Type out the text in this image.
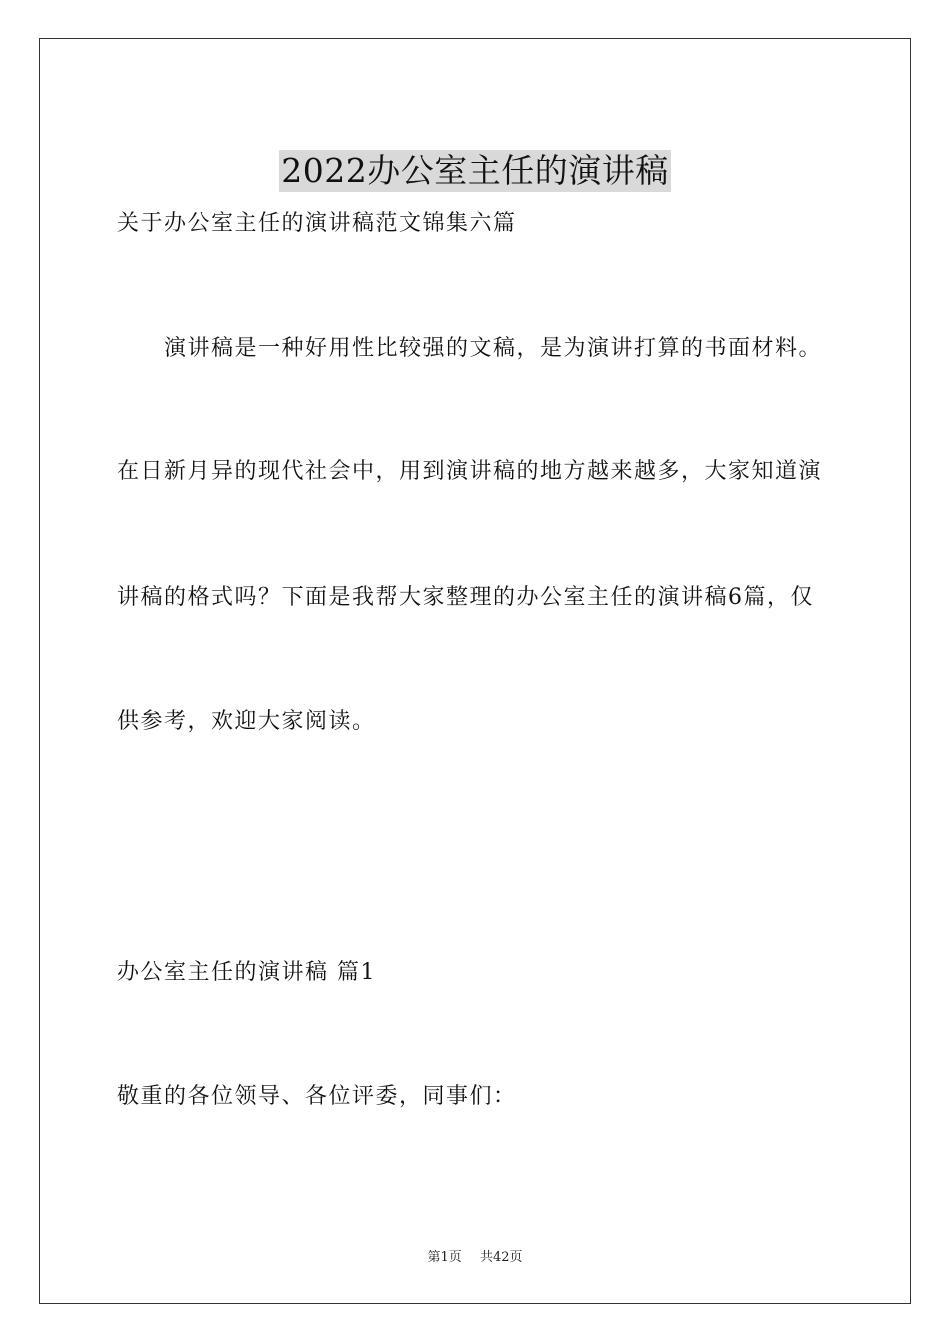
2022办公室主任的演讲稿
关于办公室主任的演讲稿范文锦集六篇
　　演讲稿是一种好用性比较强的文稿，是为演讲打算的书面材料。
在日新月异的现代社会中，用到演讲稿的地方越来越多，大家知道演
讲稿的格式吗？下面是我帮大家整理的办公室主任的演讲稿6篇，仅
供参考，欢迎大家阅读。
办公室主任的演讲稿 篇1
敬重的各位领导、各位评委，同事们：
第1页 共42页
